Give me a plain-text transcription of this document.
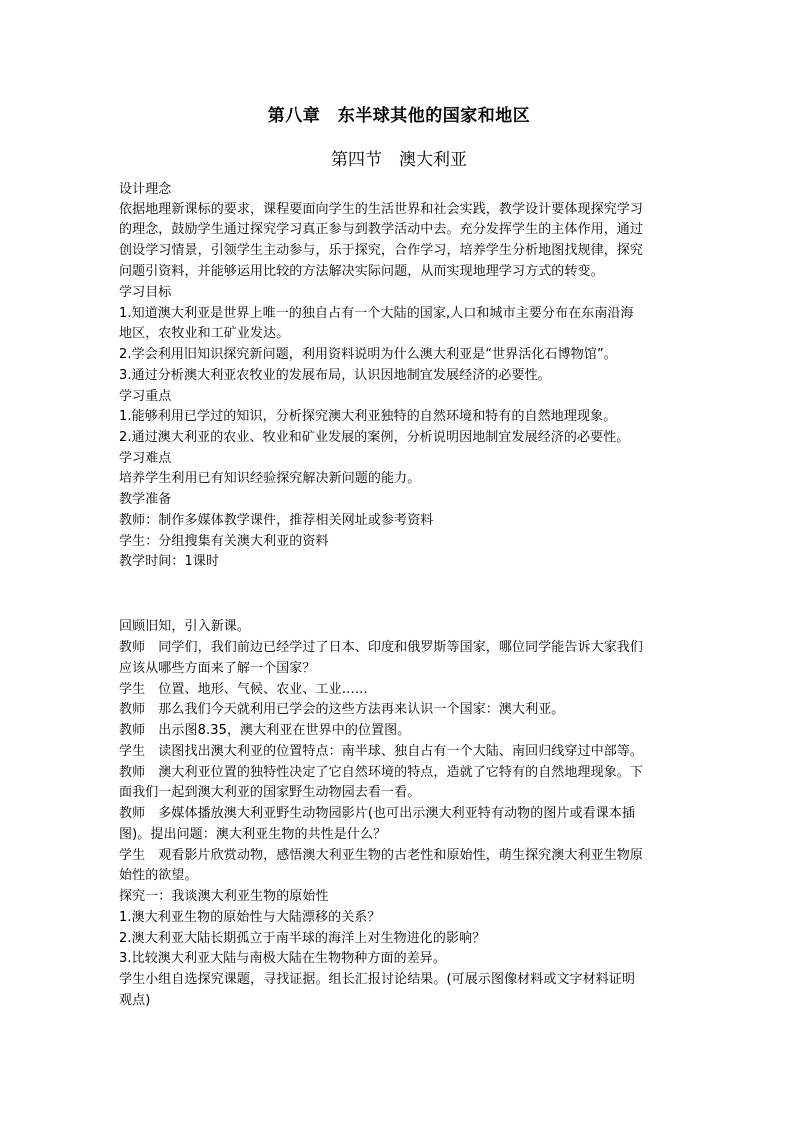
第八章　东半球其他的国家和地区
第四节　澳大利亚

设计理念

依据地理新课标的要求，课程要面向学生的生活世界和社会实践，教学设计要体现探究学习

的理念，鼓励学生通过探究学习真正参与到教学活动中去。充分发挥学生的主体作用，通过

创设学习情景，引领学生主动参与，乐于探究，合作学习，培养学生分析地图找规律，探究

问题引资料，并能够运用比较的方法解决实际问题，从而实现地理学习方式的转变。

学习目标

1.知道澳大利亚是世界上唯一的独自占有一个大陆的国家,人口和城市主要分布在东南沿海

地区，农牧业和工矿业发达。

2.学会利用旧知识探究新问题，利用资料说明为什么澳大利亚是“世界活化石博物馆”。

3.通过分析澳大利亚农牧业的发展布局，认识因地制宜发展经济的必要性。

学习重点

1.能够利用已学过的知识，分析探究澳大利亚独特的自然环境和特有的自然地理现象。

2.通过澳大利亚的农业、牧业和矿业发展的案例，分析说明因地制宜发展经济的必要性。

学习难点

培养学生利用已有知识经验探究解决新问题的能力。

教学准备

教师：制作多媒体教学课件，推荐相关网址或参考资料

学生：分组搜集有关澳大利亚的资料

教学时间：1课时

回顾旧知，引入新课。

教师　同学们，我们前边已经学过了日本、印度和俄罗斯等国家，哪位同学能告诉大家我们

应该从哪些方面来了解一个国家？

学生　位置、地形、气候、农业、工业……

教师　那么我们今天就利用已学会的这些方法再来认识一个国家：澳大利亚。

教师　出示图8.35，澳大利亚在世界中的位置图。

学生　读图找出澳大利亚的位置特点：南半球、独自占有一个大陆、南回归线穿过中部等。

教师　澳大利亚位置的独特性决定了它自然环境的特点，造就了它特有的自然地理现象。下

面我们一起到澳大利亚的国家野生动物园去看一看。

教师　多媒体播放澳大利亚野生动物园影片(也可出示澳大利亚特有动物的图片或看课本插

图)。提出问题：澳大利亚生物的共性是什么？

学生　观看影片欣赏动物，感悟澳大利亚生物的古老性和原始性，萌生探究澳大利亚生物原

始性的欲望。

探究一：我谈澳大利亚生物的原始性

1.澳大利亚生物的原始性与大陆漂移的关系？

2.澳大利亚大陆长期孤立于南半球的海洋上对生物进化的影响？

3.比较澳大利亚大陆与南极大陆在生物物种方面的差异。

学生小组自选探究课题，寻找证据。组长汇报讨论结果。(可展示图像材料或文字材料证明

观点)
